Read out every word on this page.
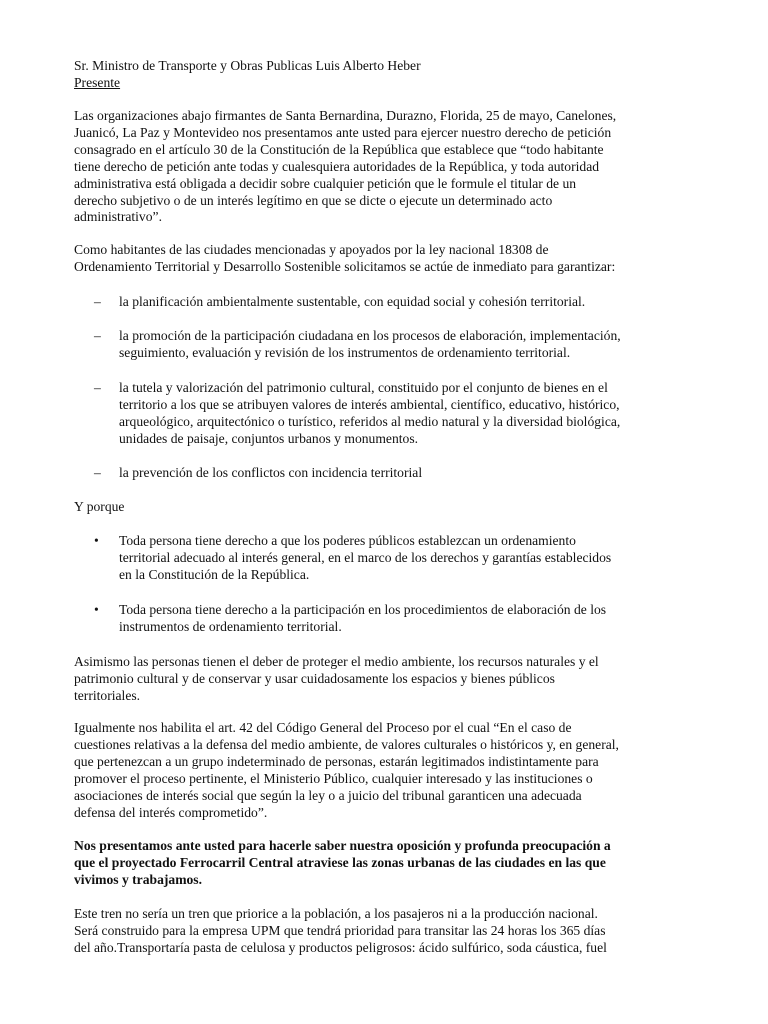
Sr. Ministro de Transporte y Obras Publicas Luis Alberto Heber
Presente

Las organizaciones abajo firmantes de Santa Bernardina, Durazno, Florida, 25 de mayo, Canelones,
Juanicó, La Paz y Montevideo nos presentamos ante usted para ejercer nuestro derecho de petición
consagrado en el artículo 30 de la Constitución de la República que establece que “todo habitante
tiene derecho de petición ante todas y cualesquiera autoridades de la República, y toda autoridad
administrativa está obligada a decidir sobre cualquier petición que le formule el titular de un
derecho subjetivo o de un interés legítimo en que se dicte o ejecute un determinado acto
administrativo”.

Como habitantes de las ciudades mencionadas y apoyados por la ley nacional 18308 de
Ordenamiento Territorial y Desarrollo Sostenible solicitamos se actúe de inmediato para garantizar:

–	la planificación ambientalmente sustentable, con equidad social y cohesión territorial.
–	la promoción de la participación ciudadana en los procesos de elaboración, implementación,
seguimiento, evaluación y revisión de los instrumentos de ordenamiento territorial.
–	la tutela y valorización del patrimonio cultural, constituido por el conjunto de bienes en el
territorio a los que se atribuyen valores de interés ambiental, científico, educativo, histórico,
arqueológico, arquitectónico o turístico, referidos al medio natural y la diversidad biológica,
unidades de paisaje, conjuntos urbanos y monumentos.
–	la prevención de los conflictos con incidencia territorial

Y porque

•	Toda persona tiene derecho a que los poderes públicos establezcan un ordenamiento
territorial adecuado al interés general, en el marco de los derechos y garantías establecidos
en la Constitución de la República.
•	Toda persona tiene derecho a la participación en los procedimientos de elaboración de los
instrumentos de ordenamiento territorial.

Asimismo las personas tienen el deber de proteger el medio ambiente, los recursos naturales y el
patrimonio cultural y de conservar y usar cuidadosamente los espacios y bienes públicos
territoriales.

Igualmente nos habilita el art. 42 del Código General del Proceso por el cual “En el caso de
cuestiones relativas a la defensa del medio ambiente, de valores culturales o históricos y, en general,
que pertenezcan a un grupo indeterminado de personas, estarán legitimados indistintamente para
promover el proceso pertinente, el Ministerio Público, cualquier interesado y las instituciones o
asociaciones de interés social que según la ley o a juicio del tribunal garanticen una adecuada
defensa del interés comprometido”.

Nos presentamos ante usted para hacerle saber nuestra oposición y profunda preocupación a
que el proyectado Ferrocarril Central atraviese las zonas urbanas de las ciudades en las que
vivimos y trabajamos.

Este tren no sería un tren que priorice a la población, a los pasajeros ni a la producción nacional.
Será construido para la empresa UPM que tendrá prioridad para transitar las 24 horas los 365 días
del año.Transportaría pasta de celulosa y productos peligrosos: ácido sulfúrico, soda cáustica, fuel
